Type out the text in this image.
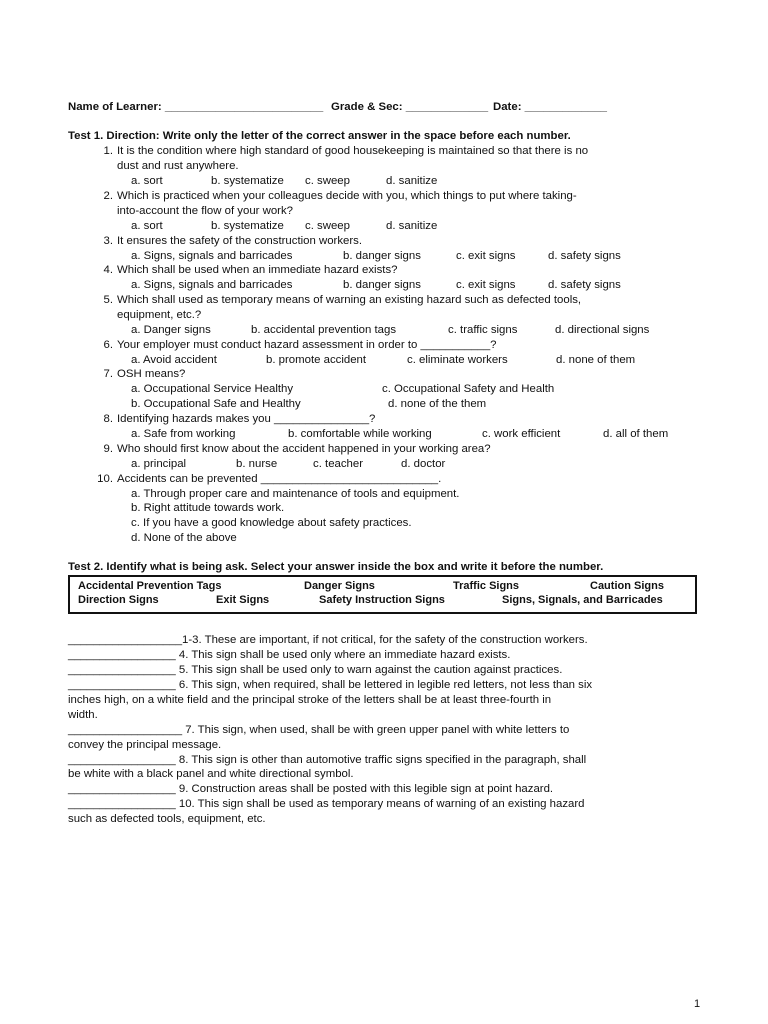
Name of Learner: _________________________ Grade & Sec: _____________ Date: _____________
Test 1. Direction: Write only the letter of the correct answer in the space before each number.
1. It is the condition where high standard of good housekeeping is maintained so that there is no
dust and rust anywhere.
a. sort	b. systematize c. sweep	d. sanitize
2. Which is practiced when your colleagues decide with you, which things to put where taking-
into-account the flow of your work?
a. sort	b. systematize c. sweep	d. sanitize
3. It ensures the safety of the construction workers.
a. Signs, signals and barricades	b. danger signs	c. exit signs	d. safety signs
4. Which shall be used when an immediate hazard exists?
a. Signs, signals and barricades	b. danger signs	c. exit signs	d. safety signs
5. Which shall used as temporary means of warning an existing hazard such as defected tools,
equipment, etc.?
a. Danger signs	b. accidental prevention tags	c. traffic signs	d. directional signs
6. Your employer must conduct hazard assessment in order to ___________?
a. Avoid accident	b. promote accident	c. eliminate workers	d. none of them
7. OSH means?
a. Occupational Service Healthy	c. Occupational Safety and Health
b. Occupational Safe and Healthy	d. none of the them
8. Identifying hazards makes you _______________?
a. Safe from working	b. comfortable while working	c. work efficient	d. all of them
9. Who should first know about the accident happened in your working area?
a. principal	b. nurse	c. teacher	d. doctor
10. Accidents can be prevented ____________________________.
a. Through proper care and maintenance of tools and equipment.
b. Right attitude towards work.
c. If you have a good knowledge about safety practices.
d. None of the above
Test 2. Identify what is being ask. Select your answer inside the box and write it before the number.
Accidental Prevention Tags	Danger Signs	Traffic Signs	Caution Signs
Direction Signs	Exit Signs	Safety Instruction Signs	Signs, Signals, and Barricades
__________________1-3. These are important, if not critical, for the safety of the construction workers.
_________________ 4. This sign shall be used only where an immediate hazard exists.
_________________ 5. This sign shall be used only to warn against the caution against practices.
_________________ 6. This sign, when required, shall be lettered in legible red letters, not less than six
inches high, on a white field and the principal stroke of the letters shall be at least three-fourth in
width.
__________________ 7. This sign, when used, shall be with green upper panel with white letters to
convey the principal message.
_________________ 8. This sign is other than automotive traffic signs specified in the paragraph, shall
be white with a black panel and white directional symbol.
_________________ 9. Construction areas shall be posted with this legible sign at point hazard.
_________________ 10. This sign shall be used as temporary means of warning of an existing hazard
such as defected tools, equipment, etc.
1
